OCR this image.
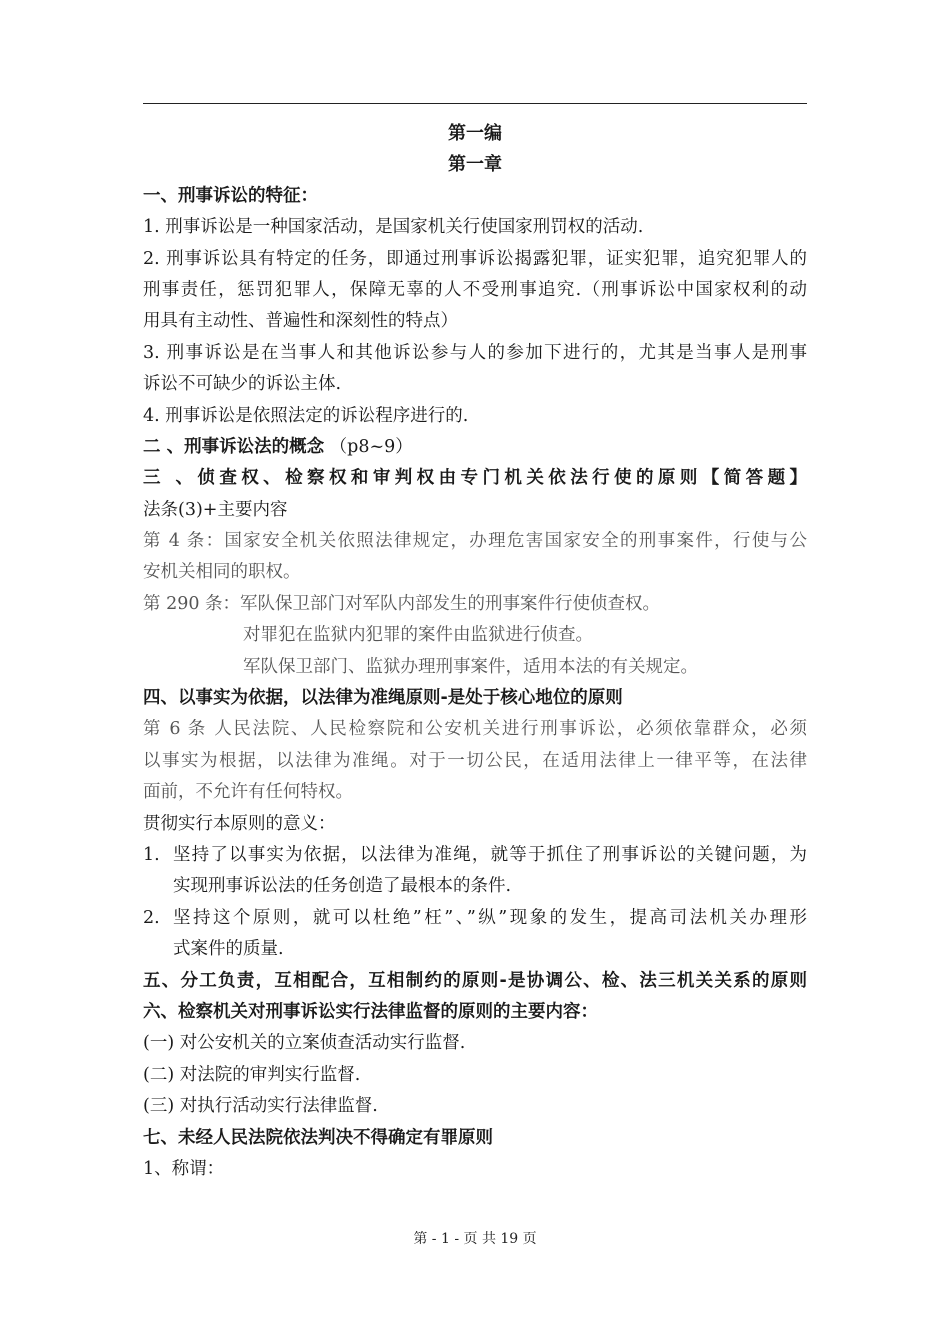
第一编
第一章
一、刑事诉讼的特征：
1. 刑事诉讼是一种国家活动，是国家机关行使国家刑罚权的活动.
2. 刑事诉讼具有特定的任务，即通过刑事诉讼揭露犯罪，证实犯罪，追究犯罪人的
刑事责任，惩罚犯罪人，保障无辜的人不受刑事追究.（刑事诉讼中国家权利的动
用具有主动性、普遍性和深刻性的特点）
3. 刑事诉讼是在当事人和其他诉讼参与人的参加下进行的，尤其是当事人是刑事
诉讼不可缺少的诉讼主体.
4. 刑事诉讼是依照法定的诉讼程序进行的.
二 、刑事诉讼法的概念 （p8~9）
三 、侦查权、检察权和审判权由专门机关依法行使的原则【简答题】
法条(3)+主要内容
第 4 条：国家安全机关依照法律规定，办理危害国家安全的刑事案件，行使与公
安机关相同的职权。
第 290 条：军队保卫部门对军队内部发生的刑事案件行使侦查权。
对罪犯在监狱内犯罪的案件由监狱进行侦查。
军队保卫部门、监狱办理刑事案件，适用本法的有关规定。
四、以事实为依据，以法律为准绳原则-是处于核心地位的原则
第 6 条 人民法院、人民检察院和公安机关进行刑事诉讼，必须依靠群众，必须
以事实为根据，以法律为准绳。对于一切公民，在适用法律上一律平等，在法律
面前，不允许有任何特权。
贯彻实行本原则的意义：
1. 坚持了以事实为依据，以法律为准绳，就等于抓住了刑事诉讼的关键问题，为
实现刑事诉讼法的任务创造了最根本的条件.
2. 坚持这个原则，就可以杜绝”枉”、”纵”现象的发生，提高司法机关办理形
式案件的质量.
五、分工负责，互相配合，互相制约的原则-是协调公、检、法三机关关系的原则
六、检察机关对刑事诉讼实行法律监督的原则的主要内容：
(一) 对公安机关的立案侦查活动实行监督.
(二) 对法院的审判实行监督.
(三) 对执行活动实行法律监督.
七、未经人民法院依法判决不得确定有罪原则
1、称谓：
第 - 1 - 页 共 19 页
